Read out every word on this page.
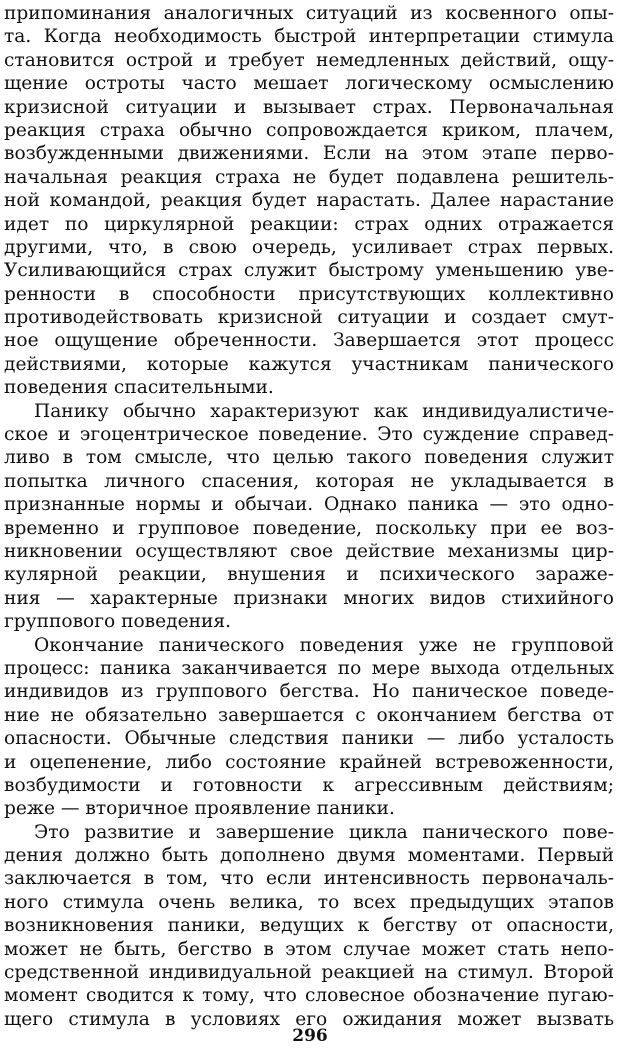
припоминания аналогичных ситуаций из косвенного опы-
та. Когда необходимость быстрой интерпретации стимула
становится острой и требует немедленных действий, ощу-
щение остроты часто мешает логическому осмыслению
кризисной ситуации и вызывает страх. Первоначальная
реакция страха обычно сопровождается криком, плачем,
возбужденными движениями. Если на этом этапе перво-
начальная реакция страха не будет подавлена решитель-
ной командой, реакция будет нарастать. Далее нарастание
идет по циркулярной реакции: страх одних отражается
другими, что, в свою очередь, усиливает страх первых.
Усиливающийся страх служит быстрому уменьшению уве-
ренности в способности присутствующих коллективно
противодействовать кризисной ситуации и создает смут-
ное ощущение обреченности. Завершается этот процесс
действиями, которые кажутся участникам панического
поведения спасительными.
Панику обычно характеризуют как индивидуалистиче-
ское и эгоцентрическое поведение. Это суждение справед-
ливо в том смысле, что целью такого поведения служит
попытка личного спасения, которая не укладывается в
признанные нормы и обычаи. Однако паника — это одно-
временно и групповое поведение, поскольку при ее воз-
никновении осуществляют свое действие механизмы цир-
кулярной реакции, внушения и психического зараже-
ния — характерные признаки многих видов стихийного
группового поведения.
Окончание панического поведения уже не групповой
процесс: паника заканчивается по мере выхода отдельных
индивидов из группового бегства. Но паническое поведе-
ние не обязательно завершается с окончанием бегства от
опасности. Обычные следствия паники — либо усталость
и оцепенение, либо состояние крайней встревоженности,
возбудимости и готовности к агрессивным действиям;
реже — вторичное проявление паники.
Это развитие и завершение цикла панического пове-
дения должно быть дополнено двумя моментами. Первый
заключается в том, что если интенсивность первоначаль-
ного стимула очень велика, то всех предыдущих этапов
возникновения паники, ведущих к бегству от опасности,
может не быть, бегство в этом случае может стать непо-
средственной индивидуальной реакцией на стимул. Второй
момент сводится к тому, что словесное обозначение пугаю-
щего стимула в условиях его ожидания может вызвать
296
